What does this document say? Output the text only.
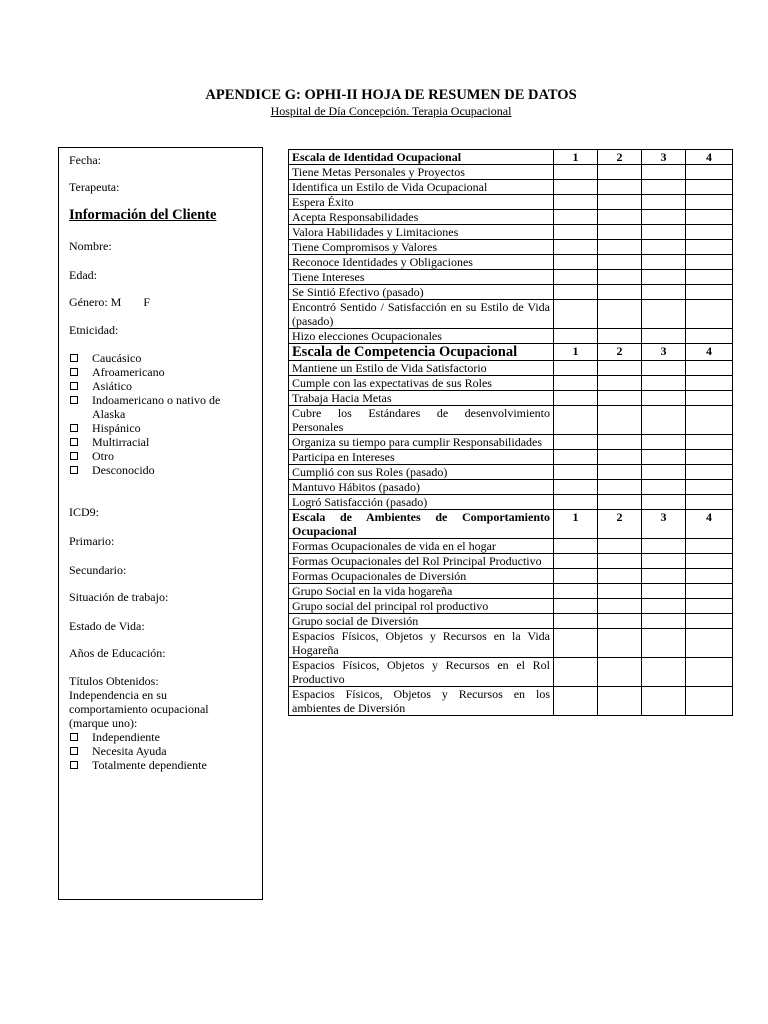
APENDICE G: OPHI-II HOJA DE RESUMEN DE DATOS
Hospital de Día Concepción. Terapia Ocupacional
Fecha:
Terapeuta:
Información del Cliente
Nombre:
Edad:
Género: M F
Etnicidad:
Caucásico
Afroamericano
Asiático
Indoamericano o nativo de Alaska
Hispánico
Multirracial
Otro
Desconocido
ICD9:
Primario:
Secundario:
Situación de trabajo:
Estado de Vida:
Años de Educación:
Títulos Obtenidos:
Independencia en su comportamiento ocupacional (marque uno):
Independiente
Necesita Ayuda
Totalmente dependiente
Escala de Identidad Ocupacional	1	2	3	4
Tiene Metas Personales y Proyectos				
Identifica un Estilo de Vida Ocupacional				
Espera Éxito				
Acepta Responsabilidades				
Valora Habilidades y Limitaciones				
Tiene Compromisos y Valores				
Reconoce Identidades y Obligaciones				
Tiene Intereses				
Se Sintió Efectivo (pasado)				
Encontró Sentido / Satisfacción en su Estilo de Vida (pasado)				
Hizo elecciones Ocupacionales				
Escala de Competencia Ocupacional	1	2	3	4
Mantiene un Estilo de Vida Satisfactorio				
Cumple con las expectativas de sus Roles				
Trabaja Hacia Metas				
Cubre los Estándares de desenvolvimiento Personales				
Organiza su tiempo para cumplir Responsabilidades				
Participa en Intereses				
Cumplió con sus Roles (pasado)				
Mantuvo Hábitos (pasado)				
Logró Satisfacción (pasado)				
Escala de Ambientes de Comportamiento Ocupacional	1	2	3	4
Formas Ocupacionales de vida en el hogar				
Formas Ocupacionales del Rol Principal Productivo				
Formas Ocupacionales de Diversión				
Grupo Social en la vida hogareña				
Grupo social del principal rol productivo				
Grupo social de Diversión				
Espacios Físicos, Objetos y Recursos en la Vida Hogareña				
Espacios Físicos, Objetos y Recursos en el Rol Productivo				
Espacios Físicos, Objetos y Recursos en los ambientes de Diversión				
